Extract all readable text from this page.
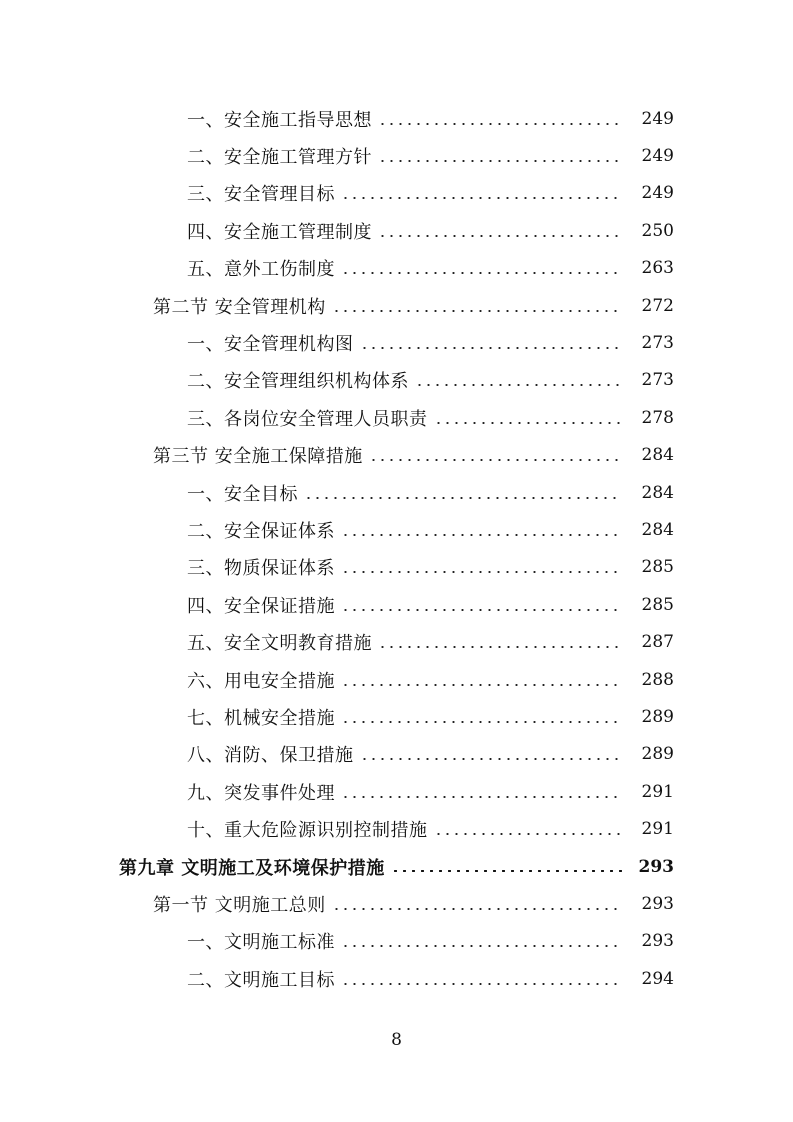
一、安全施工指导思想	249
二、安全施工管理方针	249
三、安全管理目标	249
四、安全施工管理制度	250
五、意外工伤制度	263
第二节 安全管理机构	272
一、安全管理机构图	273
二、安全管理组织机构体系	273
三、各岗位安全管理人员职责	278
第三节 安全施工保障措施	284
一、安全目标	284
二、安全保证体系	284
三、物质保证体系	285
四、安全保证措施	285
五、安全文明教育措施	287
六、用电安全措施	288
七、机械安全措施	289
八、消防、保卫措施	289
九、突发事件处理	291
十、重大危险源识别控制措施	291
第九章 文明施工及环境保护措施	293
第一节 文明施工总则	293
一、文明施工标准	293
二、文明施工目标	294
8
